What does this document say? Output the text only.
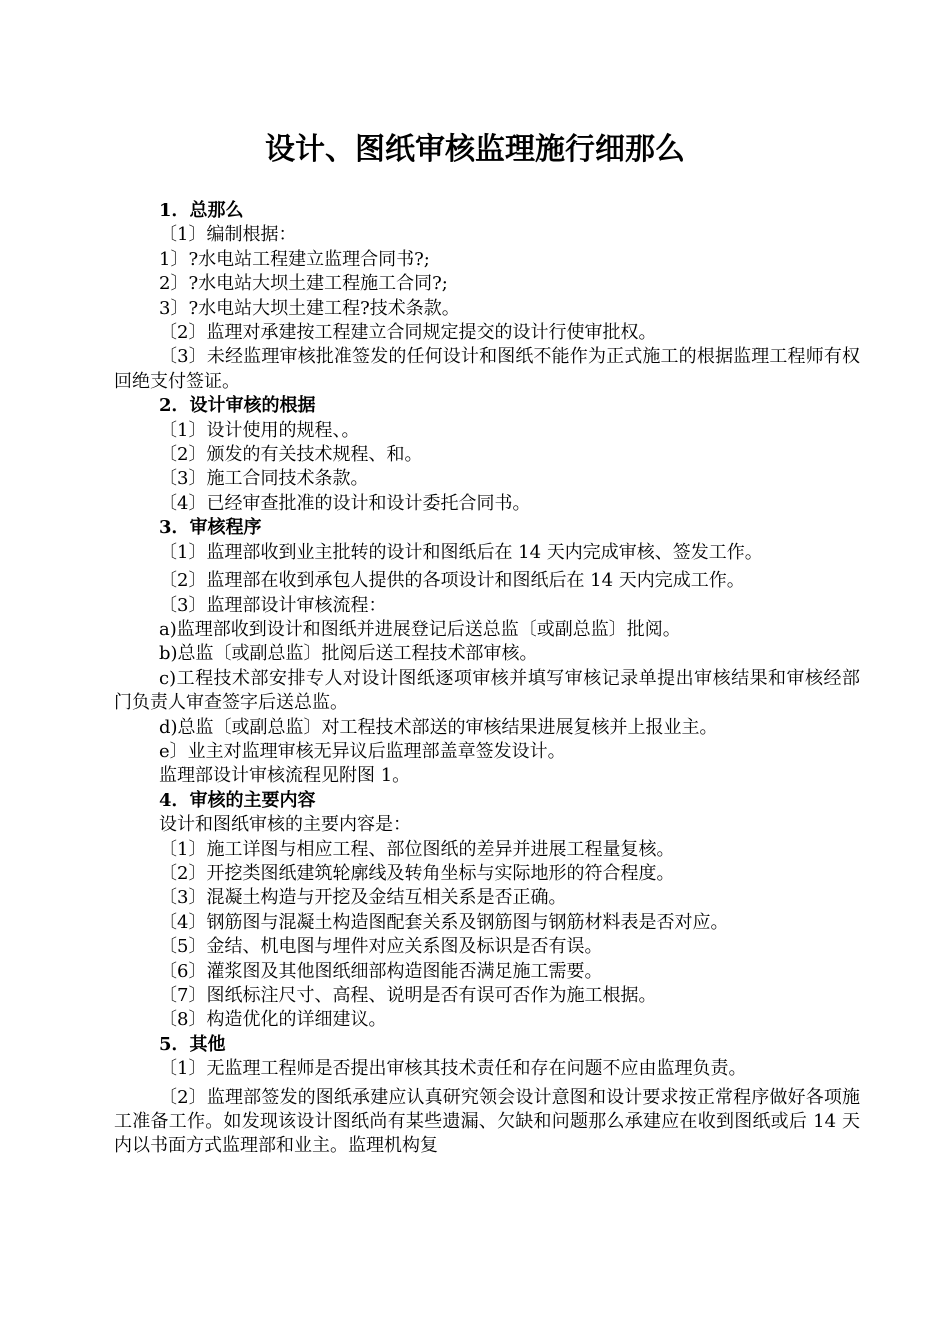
设计、图纸审核监理施行细那么
1．总那么
〔1〕编制根据：
1〕?水电站工程建立监理合同书?;
2〕?水电站大坝土建工程施工合同?;
3〕?水电站大坝土建工程?技术条款。
〔2〕监理对承建按工程建立合同规定提交的设计行使审批权。
〔3〕未经监理审核批准签发的任何设计和图纸不能作为正式施工的根据监理工程师有权回绝支付签证。
2．设计审核的根据
〔1〕设计使用的规程、。
〔2〕颁发的有关技术规程、和。
〔3〕施工合同技术条款。
〔4〕已经审查批准的设计和设计委托合同书。
3．审核程序
〔1〕监理部收到业主批转的设计和图纸后在 14 天内完成审核、签发工作。
〔2〕监理部在收到承包人提供的各项设计和图纸后在 14 天内完成工作。
〔3〕监理部设计审核流程：
a)监理部收到设计和图纸并进展登记后送总监〔或副总监〕批阅。
b)总监〔或副总监〕批阅后送工程技术部审核。
c)工程技术部安排专人对设计图纸逐项审核并填写审核记录单提出审核结果和审核经部门负责人审查签字后送总监。
d)总监〔或副总监〕对工程技术部送的审核结果进展复核并上报业主。
e〕业主对监理审核无异议后监理部盖章签发设计。
监理部设计审核流程见附图 1。
4．审核的主要内容
设计和图纸审核的主要内容是：
〔1〕施工详图与相应工程、部位图纸的差异并进展工程量复核。
〔2〕开挖类图纸建筑轮廓线及转角坐标与实际地形的符合程度。
〔3〕混凝土构造与开挖及金结互相关系是否正确。
〔4〕钢筋图与混凝土构造图配套关系及钢筋图与钢筋材料表是否对应。
〔5〕金结、机电图与埋件对应关系图及标识是否有误。
〔6〕灌浆图及其他图纸细部构造图能否满足施工需要。
〔7〕图纸标注尺寸、高程、说明是否有误可否作为施工根据。
〔8〕构造优化的详细建议。
5．其他
〔1〕无监理工程师是否提出审核其技术责任和存在问题不应由监理负责。
〔2〕监理部签发的图纸承建应认真研究领会设计意图和设计要求按正常程序做好各项施工准备工作。如发现该设计图纸尚有某些遗漏、欠缺和问题那么承建应在收到图纸或后 14 天内以书面方式监理部和业主。监理机构复
